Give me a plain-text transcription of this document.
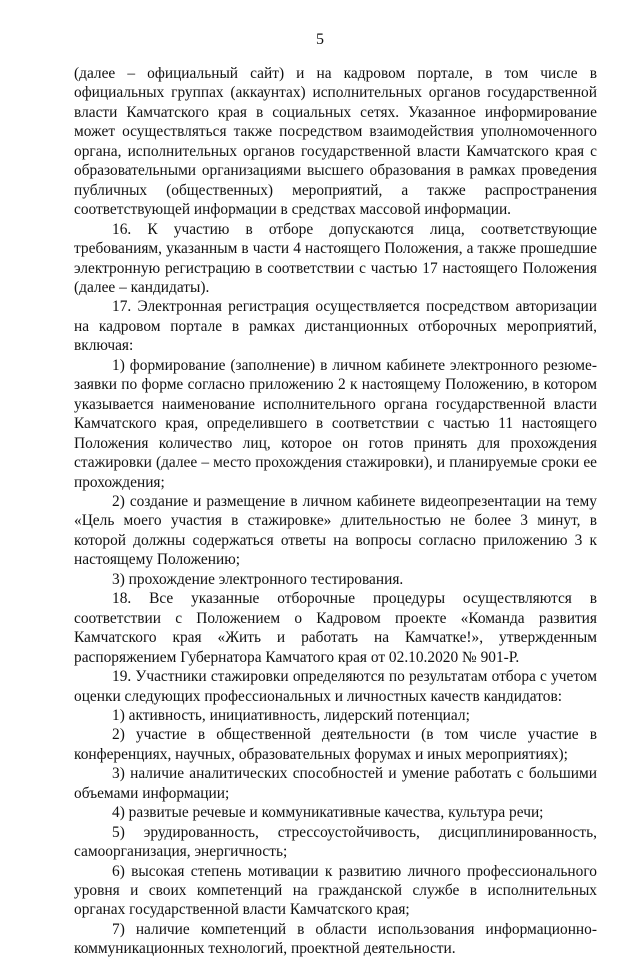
5

(далее – официальный сайт) и на кадровом портале, в том числе в официальных группах (аккаунтах) исполнительных органов государственной власти Камчатского края в социальных сетях. Указанное информирование может осуществляться также посредством взаимодействия уполномоченного органа, исполнительных органов государственной власти Камчатского края с образовательными организациями высшего образования в рамках проведения публичных (общественных) мероприятий, а также распространения соответствующей информации в средствах массовой информации.

16. К участию в отборе допускаются лица, соответствующие требованиям, указанным в части 4 настоящего Положения, а также прошедшие электронную регистрацию в соответствии с частью 17 настоящего Положения (далее – кандидаты).

17. Электронная регистрация осуществляется посредством авторизации на кадровом портале в рамках дистанционных отборочных мероприятий, включая:

1) формирование (заполнение) в личном кабинете электронного резюме-заявки по форме согласно приложению 2 к настоящему Положению, в котором указывается наименование исполнительного органа государственной власти Камчатского края, определившего в соответствии с частью 11 настоящего Положения количество лиц, которое он готов принять для прохождения стажировки (далее – место прохождения стажировки), и планируемые сроки ее прохождения;

2) создание и размещение в личном кабинете видеопрезентации на тему «Цель моего участия в стажировке» длительностью не более 3 минут, в которой должны содержаться ответы на вопросы согласно приложению 3 к настоящему Положению;

3) прохождение электронного тестирования.

18. Все указанные отборочные процедуры осуществляются в соответствии с Положением о Кадровом проекте «Команда развития Камчатского края «Жить и работать на Камчатке!», утвержденным распоряжением Губернатора Камчатого края от 02.10.2020 № 901-Р.

19. Участники стажировки определяются по результатам отбора с учетом оценки следующих профессиональных и личностных качеств кандидатов:

1) активность, инициативность, лидерский потенциал;

2) участие в общественной деятельности (в том числе участие в конференциях, научных, образовательных форумах и иных мероприятиях);

3) наличие аналитических способностей и умение работать с большими объемами информации;

4) развитые речевые и коммуникативные качества, культура речи;

5) эрудированность, стрессоустойчивость, дисциплинированность, самоорганизация, энергичность;

6) высокая степень мотивации к развитию личного профессионального уровня и своих компетенций на гражданской службе в исполнительных органах государственной власти Камчатского края;

7) наличие компетенций в области использования информационно-коммуникационных технологий, проектной деятельности.
